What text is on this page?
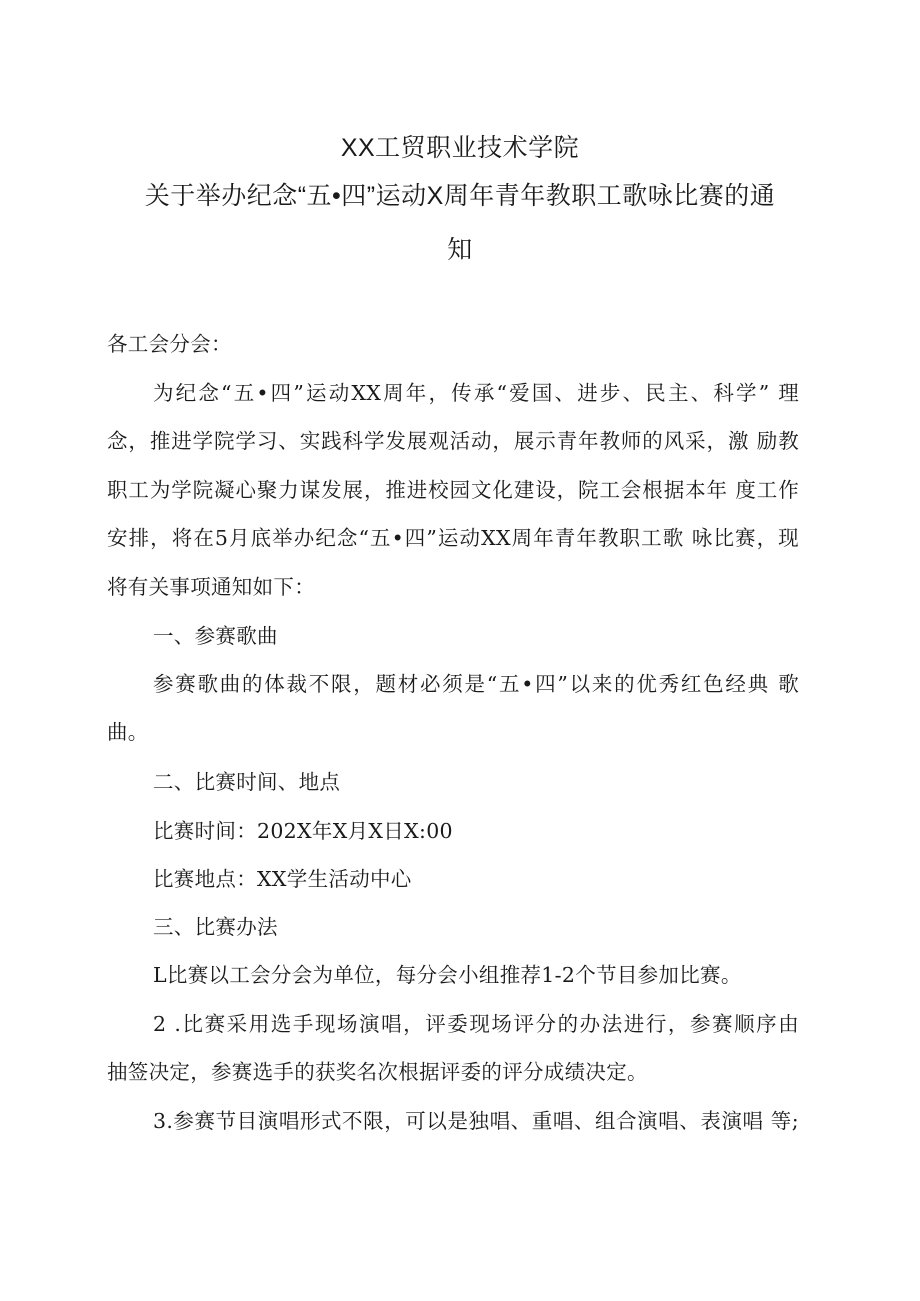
XX工贸职业技术学院
关于举办纪念“五•四”运动X周年青年教职工歌咏比赛的通
知
各工会分会：
为纪念“五•四”运动XX周年，传承“爱国、进步、民主、科学” 理
念，推进学院学习、实践科学发展观活动，展示青年教师的风采，激 励教
职工为学院凝心聚力谋发展，推进校园文化建设，院工会根据本年 度工作
安排，将在5月底举办纪念“五•四”运动XX周年青年教职工歌 咏比赛，现
将有关事项通知如下：
一、参赛歌曲
参赛歌曲的体裁不限，题材必须是“五•四”以来的优秀红色经典 歌
曲。
二、比赛时间、地点
比赛时间：202X年X月X日X:00
比赛地点：XX学生活动中心
三、比赛办法
L比赛以工会分会为单位，每分会小组推荐1-2个节目参加比赛。
2 .比赛采用选手现场演唱，评委现场评分的办法进行，参赛顺序由
抽签决定，参赛选手的获奖名次根据评委的评分成绩决定。
3.参赛节目演唱形式不限，可以是独唱、重唱、组合演唱、表演唱 等;
